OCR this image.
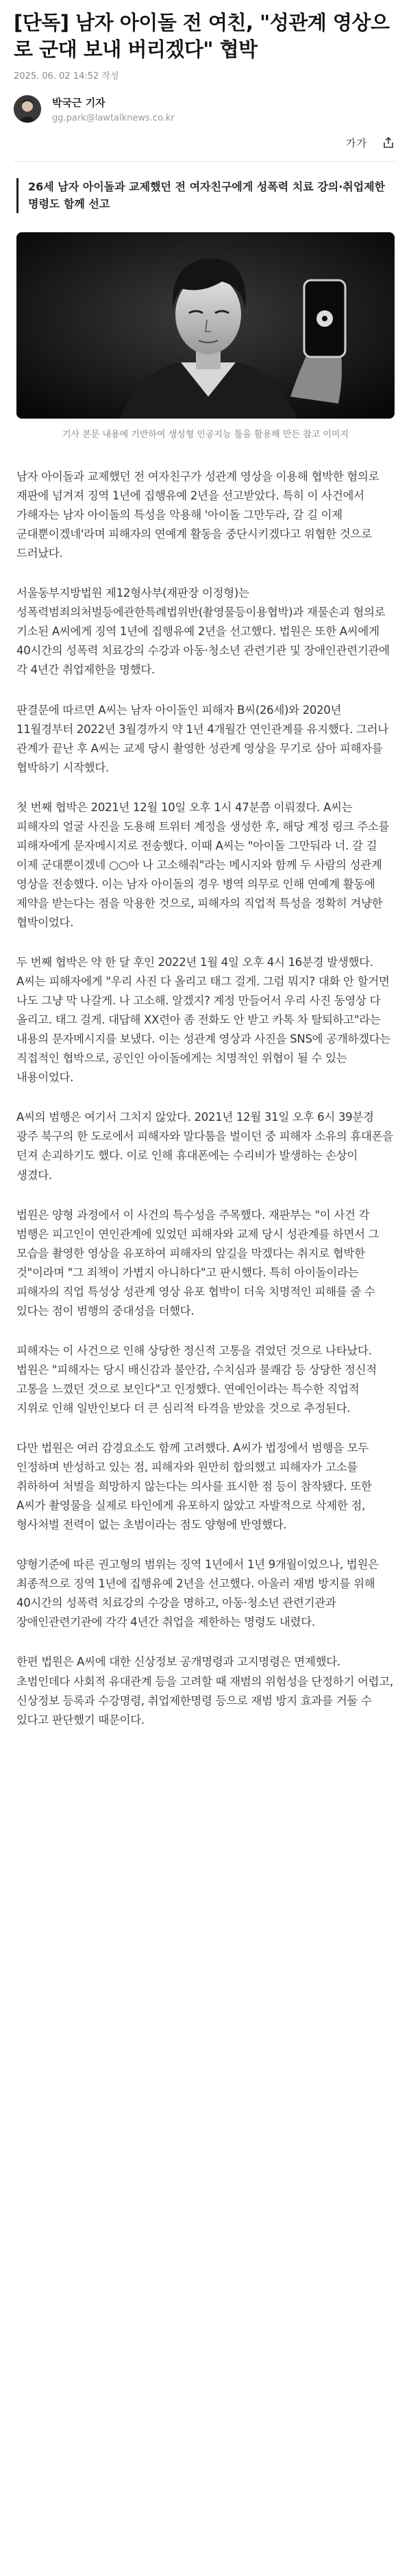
[단독] 남자 아이돌 전 여친, "성관계 영상으로 군대 보내 버리겠다" 협박
2025. 06. 02 14:52 작성
박국근 기자
gg.park@lawtalknews.co.kr
가가
26세 남자 아이돌과 교제했던 전 여자친구에게 성폭력 치료 강의·취업제한 명령도 함께 선고
기사 본문 내용에 기반하여 생성형 인공지능 툴을 활용해 만든 참고 이미지

남자 아이돌과 교제했던 전 여자친구가 성관계 영상을 이용해 협박한 혐의로 재판에 넘겨져 징역 1년에 집행유예 2년을 선고받았다. 특히 이 사건에서 가해자는 남자 아이돌의 특성을 악용해 '아이돌 그만두라, 갈 길 이제 군대뿐이겠네'라며 피해자의 연예계 활동을 중단시키겠다고 위협한 것으로 드러났다.

서울동부지방법원 제12형사부(재판장 이정형)는 성폭력범죄의처벌등에관한특례법위반(촬영물등이용협박)과 재물손괴 혐의로 기소된 A씨에게 징역 1년에 집행유예 2년을 선고했다. 법원은 또한 A씨에게 40시간의 성폭력 치료강의 수강과 아동·청소년 관련기관 및 장애인관련기관에 각 4년간 취업제한을 명했다.

판결문에 따르면 A씨는 남자 아이돌인 피해자 B씨(26세)와 2020년 11월경부터 2022년 3월경까지 약 1년 4개월간 연인관계를 유지했다. 그러나 관계가 끝난 후 A씨는 교제 당시 촬영한 성관계 영상을 무기로 삼아 피해자를 협박하기 시작했다.

첫 번째 협박은 2021년 12월 10일 오후 1시 47분쯤 이뤄졌다. A씨는 피해자의 얼굴 사진을 도용해 트위터 계정을 생성한 후, 해당 계정 링크 주소를 피해자에게 문자메시지로 전송했다. 이때 A씨는 "아이돌 그만둬라 너. 갈 길 이제 군대뿐이겠네 ○○아 나 고소해줘"라는 메시지와 함께 두 사람의 성관계 영상을 전송했다. 이는 남자 아이돌의 경우 병역 의무로 인해 연예계 활동에 제약을 받는다는 점을 악용한 것으로, 피해자의 직업적 특성을 정확히 겨냥한 협박이었다.

두 번째 협박은 약 한 달 후인 2022년 1월 4일 오후 4시 16분경 발생했다. A씨는 피해자에게 "우리 사진 다 올리고 태그 걸게. 그럼 뭐지? 대화 안 할거면 나도 그냥 막 나갈게. 나 고소해. 알겠지? 계정 만들어서 우리 사진 동영상 다 올리고. 태그 걸게. 대답해 XX련아 좀 전화도 안 받고 카톡 차 탈퇴하고"라는 내용의 문자메시지를 보냈다. 이는 성관계 영상과 사진을 SNS에 공개하겠다는 직접적인 협박으로, 공인인 아이돌에게는 치명적인 위협이 될 수 있는 내용이었다.

A씨의 범행은 여기서 그치지 않았다. 2021년 12월 31일 오후 6시 39분경 광주 북구의 한 도로에서 피해자와 말다툼을 벌이던 중 피해자 소유의 휴대폰을 던져 손괴하기도 했다. 이로 인해 휴대폰에는 수리비가 발생하는 손상이 생겼다.

법원은 양형 과정에서 이 사건의 특수성을 주목했다. 재판부는 "이 사건 각 범행은 피고인이 연인관계에 있었던 피해자와 교제 당시 성관계를 하면서 그 모습을 촬영한 영상을 유포하여 피해자의 앞길을 막겠다는 취지로 협박한 것"이라며 "그 죄책이 가볍지 아니하다"고 판시했다. 특히 아이돌이라는 피해자의 직업 특성상 성관계 영상 유포 협박이 더욱 치명적인 피해를 줄 수 있다는 점이 범행의 중대성을 더했다.

피해자는 이 사건으로 인해 상당한 정신적 고통을 겪었던 것으로 나타났다. 법원은 "피해자는 당시 배신감과 불안감, 수치심과 불쾌감 등 상당한 정신적 고통을 느꼈던 것으로 보인다"고 인정했다. 연예인이라는 특수한 직업적 지위로 인해 일반인보다 더 큰 심리적 타격을 받았을 것으로 추정된다.

다만 법원은 여러 감경요소도 함께 고려했다. A씨가 법정에서 범행을 모두 인정하며 반성하고 있는 점, 피해자와 원만히 합의했고 피해자가 고소를 취하하여 처벌을 희망하지 않는다는 의사를 표시한 점 등이 참작됐다. 또한 A씨가 촬영물을 실제로 타인에게 유포하지 않았고 자발적으로 삭제한 점, 형사처벌 전력이 없는 초범이라는 점도 양형에 반영했다.

양형기준에 따른 권고형의 범위는 징역 1년에서 1년 9개월이었으나, 법원은 최종적으로 징역 1년에 집행유예 2년을 선고했다. 아울러 재범 방지를 위해 40시간의 성폭력 치료강의 수강을 명하고, 아동·청소년 관련기관과 장애인관련기관에 각각 4년간 취업을 제한하는 명령도 내렸다.

한편 법원은 A씨에 대한 신상정보 공개명령과 고지명령은 면제했다. 초범인데다 사회적 유대관계 등을 고려할 때 재범의 위험성을 단정하기 어렵고, 신상정보 등록과 수강명령, 취업제한명령 등으로 재범 방지 효과를 거둘 수 있다고 판단했기 때문이다.
